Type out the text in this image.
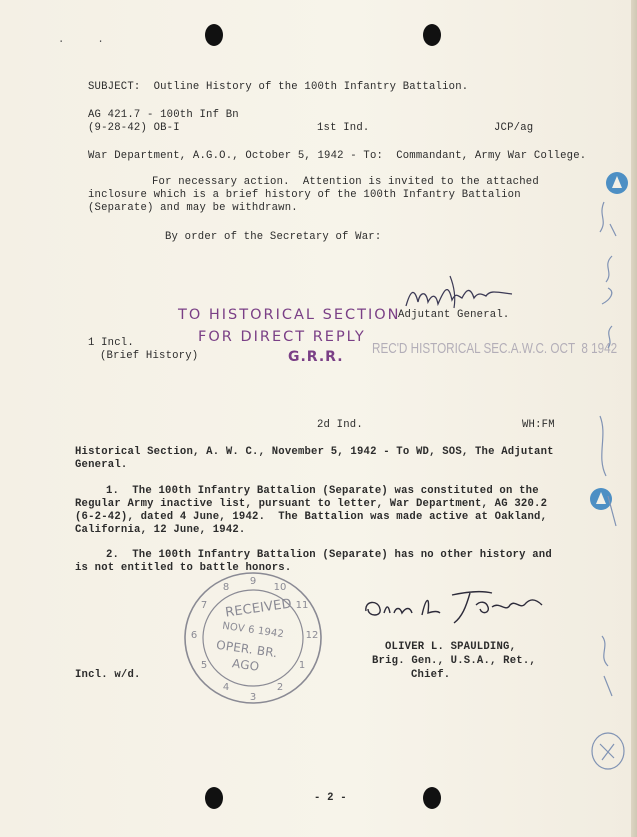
SUBJECT:  Outline History of the 100th Infantry Battalion.
AG 421.7 - 100th Inf Bn
(9-28-42) OB-I	1st Ind.	JCP/ag
War Department, A.G.O., October 5, 1942 - To:  Commandant, Army War College.
For necessary action.  Attention is invited to the attached
inclosure which is a brief history of the 100th Infantry Battalion
(Separate) and may be withdrawn.
By order of the Secretary of War:
Adjutant General.
TO HISTORICAL SECTION
FOR DIRECT REPLY
G.R.R.
1 Incl.
(Brief History)	REC'D HISTORICAL SEC.A.W.C. OCT  8 1942
2d Ind.	WH:FM
Historical Section, A. W. C., November 5, 1942 - To WD, SOS, The Adjutant
General.
1.  The 100th Infantry Battalion (Separate) was constituted on the
Regular Army inactive list, pursuant to letter, War Department, AG 320.2
(6-2-42), dated 4 June, 1942.  The Battalion was made active at Oakland,
California, 12 June, 1942.
2.  The 100th Infantry Battalion (Separate) has no other history and
is not entitled to battle honors.
9
10
11
12
1
2
3
4
5
6
7
8
RECEIVED
NOV 6 1942
OPER. BR.
AGO
OLIVER L. SPAULDING,
Brig. Gen., U.S.A., Ret.,
Chief.
Incl. w/d.
- 2 -
.     .
